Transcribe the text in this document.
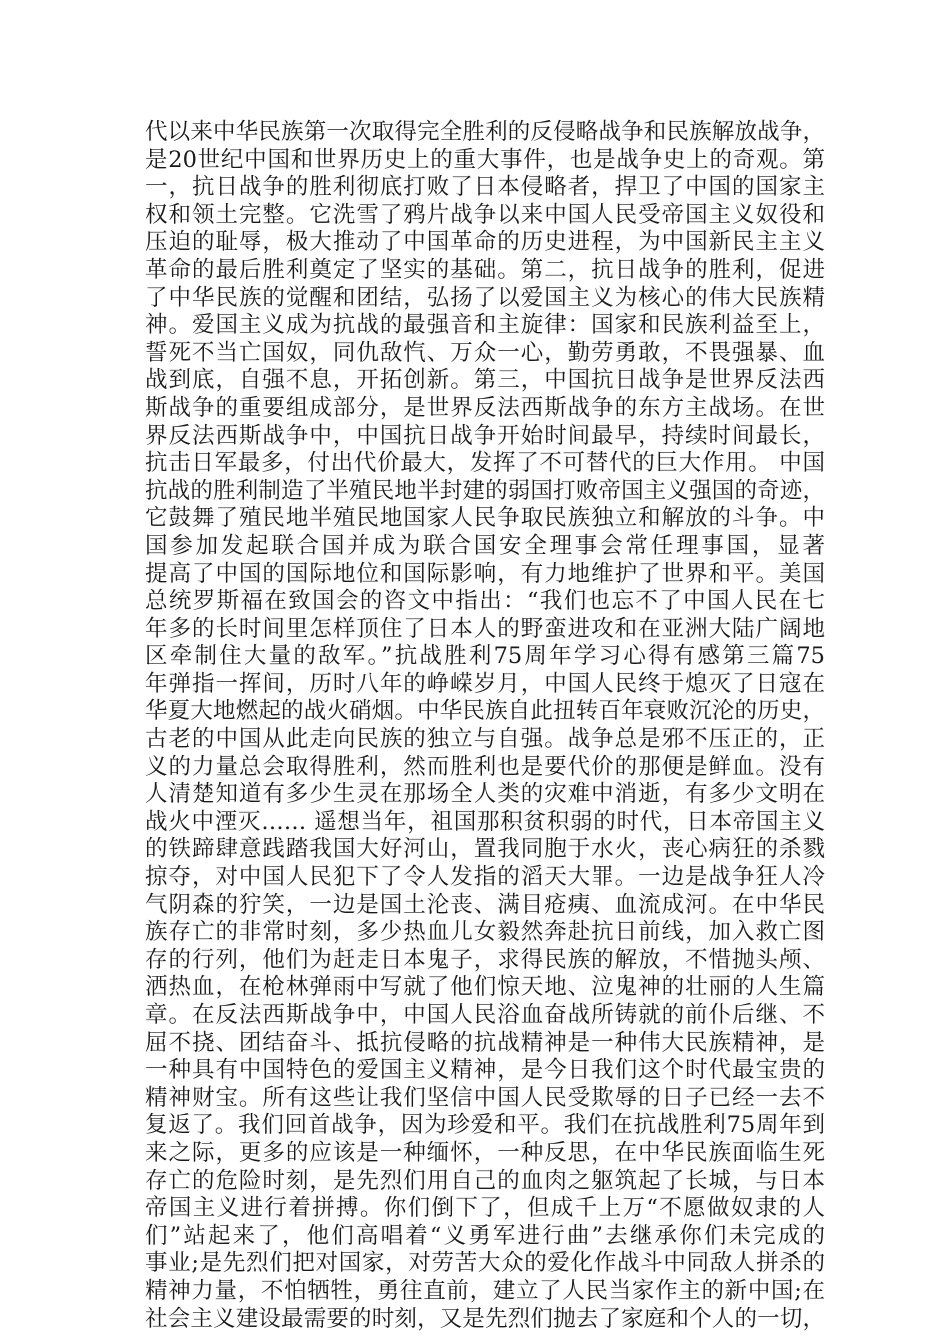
代以来中华民族第一次取得完全胜利的反侵略战争和民族解放战争，
是20世纪中国和世界历史上的重大事件，也是战争史上的奇观。第
一，抗日战争的胜利彻底打败了日本侵略者，捍卫了中国的国家主
权和领土完整。它洗雪了鸦片战争以来中国人民受帝国主义奴役和
压迫的耻辱，极大推动了中国革命的历史进程，为中国新民主主义
革命的最后胜利奠定了坚实的基础。第二，抗日战争的胜利，促进
了中华民族的觉醒和团结，弘扬了以爱国主义为核心的伟大民族精
神。爱国主义成为抗战的最强音和主旋律：国家和民族利益至上，
誓死不当亡国奴，同仇敌忾、万众一心，勤劳勇敢，不畏强暴、血
战到底，自强不息，开拓创新。第三，中国抗日战争是世界反法西
斯战争的重要组成部分，是世界反法西斯战争的东方主战场。在世
界反法西斯战争中，中国抗日战争开始时间最早，持续时间最长，
抗击日军最多，付出代价最大，发挥了不可替代的巨大作用。 中国
抗战的胜利制造了半殖民地半封建的弱国打败帝国主义强国的奇迹，
它鼓舞了殖民地半殖民地国家人民争取民族独立和解放的斗争。中
国参加发起联合国并成为联合国安全理事会常任理事国，显著
提高了中国的国际地位和国际影响，有力地维护了世界和平。美国
总统罗斯福在致国会的咨文中指出：“我们也忘不了中国人民在七
年多的长时间里怎样顶住了日本人的野蛮进攻和在亚洲大陆广阔地
区牵制住大量的敌军。”抗战胜利75周年学习心得有感第三篇75
年弹指一挥间，历时八年的峥嵘岁月，中国人民终于熄灭了日寇在
华夏大地燃起的战火硝烟。中华民族自此扭转百年衰败沉沦的历史，
古老的中国从此走向民族的独立与自强。战争总是邪不压正的，正
义的力量总会取得胜利，然而胜利也是要代价的那便是鲜血。没有
人清楚知道有多少生灵在那场全人类的灾难中消逝，有多少文明在
战火中湮灭…… 遥想当年，祖国那积贫积弱的时代，日本帝国主义
的铁蹄肆意践踏我国大好河山，置我同胞于水火，丧心病狂的杀戮
掠夺，对中国人民犯下了令人发指的滔天大罪。一边是战争狂人冷
气阴森的狞笑，一边是国土沦丧、满目疮痍、血流成河。在中华民
族存亡的非常时刻，多少热血儿女毅然奔赴抗日前线，加入救亡图
存的行列，他们为赶走日本鬼子，求得民族的解放，不惜抛头颅、
洒热血，在枪林弹雨中写就了他们惊天地、泣鬼神的壮丽的人生篇
章。在反法西斯战争中，中国人民浴血奋战所铸就的前仆后继、不
屈不挠、团结奋斗、抵抗侵略的抗战精神是一种伟大民族精神，是
一种具有中国特色的爱国主义精神，是今日我们这个时代最宝贵的
精神财宝。所有这些让我们坚信中国人民受欺辱的日子已经一去不
复返了。我们回首战争，因为珍爱和平。我们在抗战胜利75周年到
来之际，更多的应该是一种缅怀，一种反思，在中华民族面临生死
存亡的危险时刻，是先烈们用自己的血肉之躯筑起了长城，与日本
帝国主义进行着拼搏。你们倒下了，但成千上万“不愿做奴隶的人
们”站起来了，他们高唱着“义勇军进行曲”去继承你们未完成的
事业;是先烈们把对国家，对劳苦大众的爱化作战斗中同敌人拼杀的
精神力量，不怕牺牲，勇往直前，建立了人民当家作主的新中国;在
社会主义建设最需要的时刻，又是先烈们抛去了家庭和个人的一切，
